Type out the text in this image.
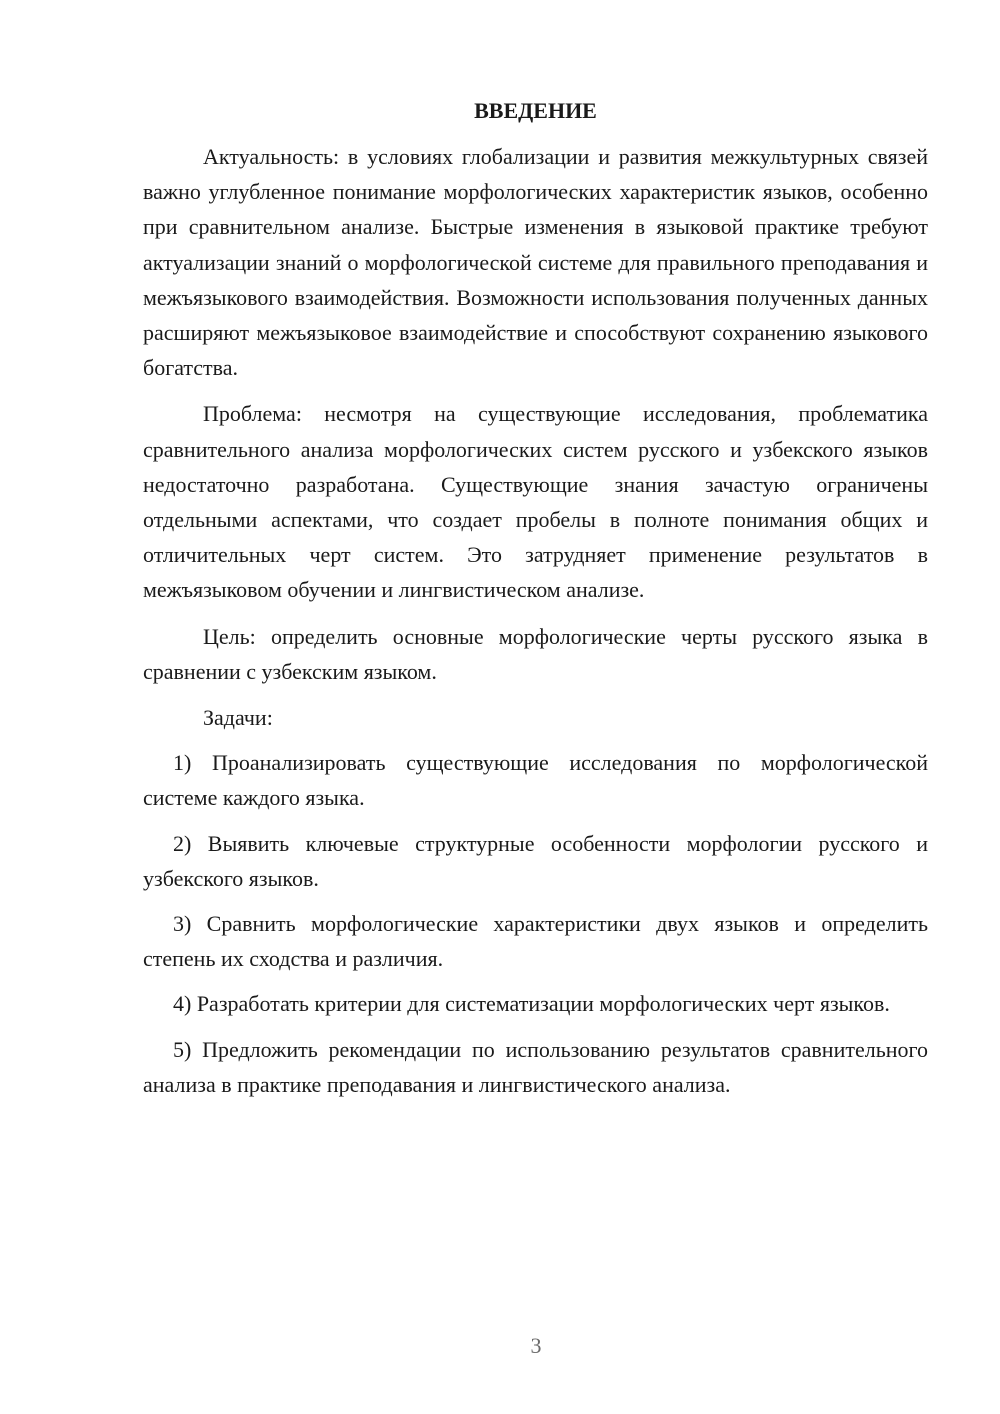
ВВЕДЕНИЕ

Актуальность: в условиях глобализации и развития межкультурных связей важно углубленное понимание морфологических характеристик языков, особенно при сравнительном анализе. Быстрые изменения в языковой практике требуют актуализации знаний о морфологической системе для правильного преподавания и межъязыкового взаимодействия. Возможности использования полученных данных расширяют межъязыковое взаимодействие и способствуют сохранению языкового богатства.

Проблема: несмотря на существующие исследования, проблематика сравнительного анализа морфологических систем русского и узбекского языков недостаточно разработана. Существующие знания зачастую ограничены отдельными аспектами, что создает пробелы в полноте понимания общих и отличительных черт систем. Это затрудняет применение результатов в межъязыковом обучении и лингвистическом анализе.

Цель: определить основные морфологические черты русского языка в сравнении с узбекским языком.

Задачи:

1) Проанализировать существующие исследования по морфологической системе каждого языка.

2) Выявить ключевые структурные особенности морфологии русского и узбекского языков.

3) Сравнить морфологические характеристики двух языков и определить степень их сходства и различия.

4) Разработать критерии для систематизации морфологических черт языков.

5) Предложить рекомендации по использованию результатов сравнительного анализа в практике преподавания и лингвистического анализа.

3
